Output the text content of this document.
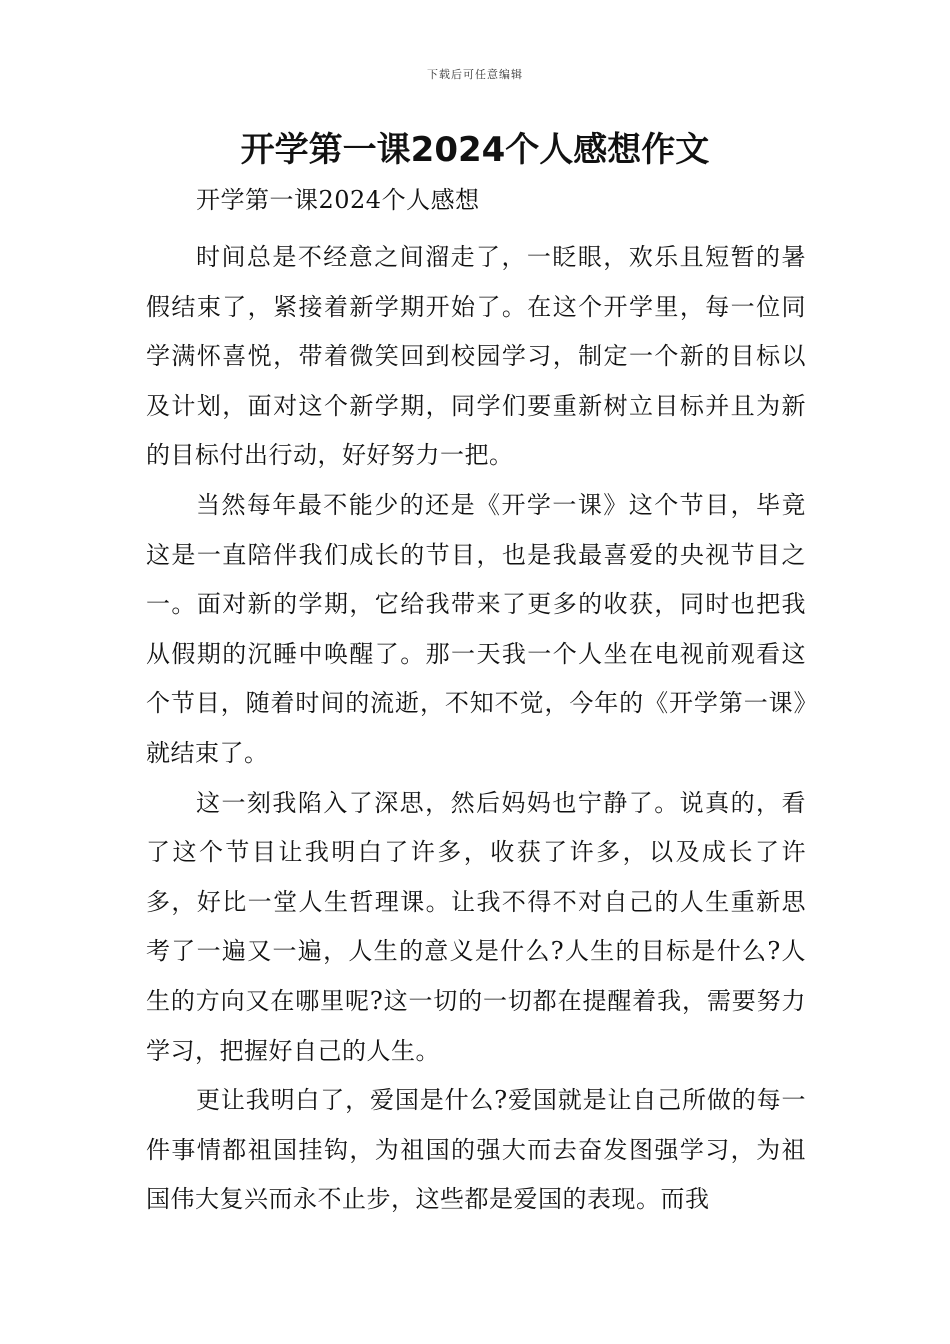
下载后可任意编辑
开学第一课2024个人感想作文

开学第一课2024个人感想

时间总是不经意之间溜走了，一眨眼，欢乐且短暂的暑假结束了，紧接着新学期开始了。在这个开学里，每一位同学满怀喜悦，带着微笑回到校园学习，制定一个新的目标以及计划，面对这个新学期，同学们要重新树立目标并且为新的目标付出行动，好好努力一把。

当然每年最不能少的还是《开学一课》这个节目，毕竟这是一直陪伴我们成长的节目，也是我最喜爱的央视节目之一。面对新的学期，它给我带来了更多的收获，同时也把我从假期的沉睡中唤醒了。那一天我一个人坐在电视前观看这个节目，随着时间的流逝，不知不觉，今年的《开学第一课》就结束了。

这一刻我陷入了深思，然后妈妈也宁静了。说真的，看了这个节目让我明白了许多，收获了许多，以及成长了许多，好比一堂人生哲理课。让我不得不对自己的人生重新思考了一遍又一遍，人生的意义是什么?人生的目标是什么?人生的方向又在哪里呢?这一切的一切都在提醒着我，需要努力学习，把握好自己的人生。

更让我明白了，爱国是什么?爱国就是让自己所做的每一件事情都祖国挂钩，为祖国的强大而去奋发图强学习，为祖国伟大复兴而永不止步，这些都是爱国的表现。而我
